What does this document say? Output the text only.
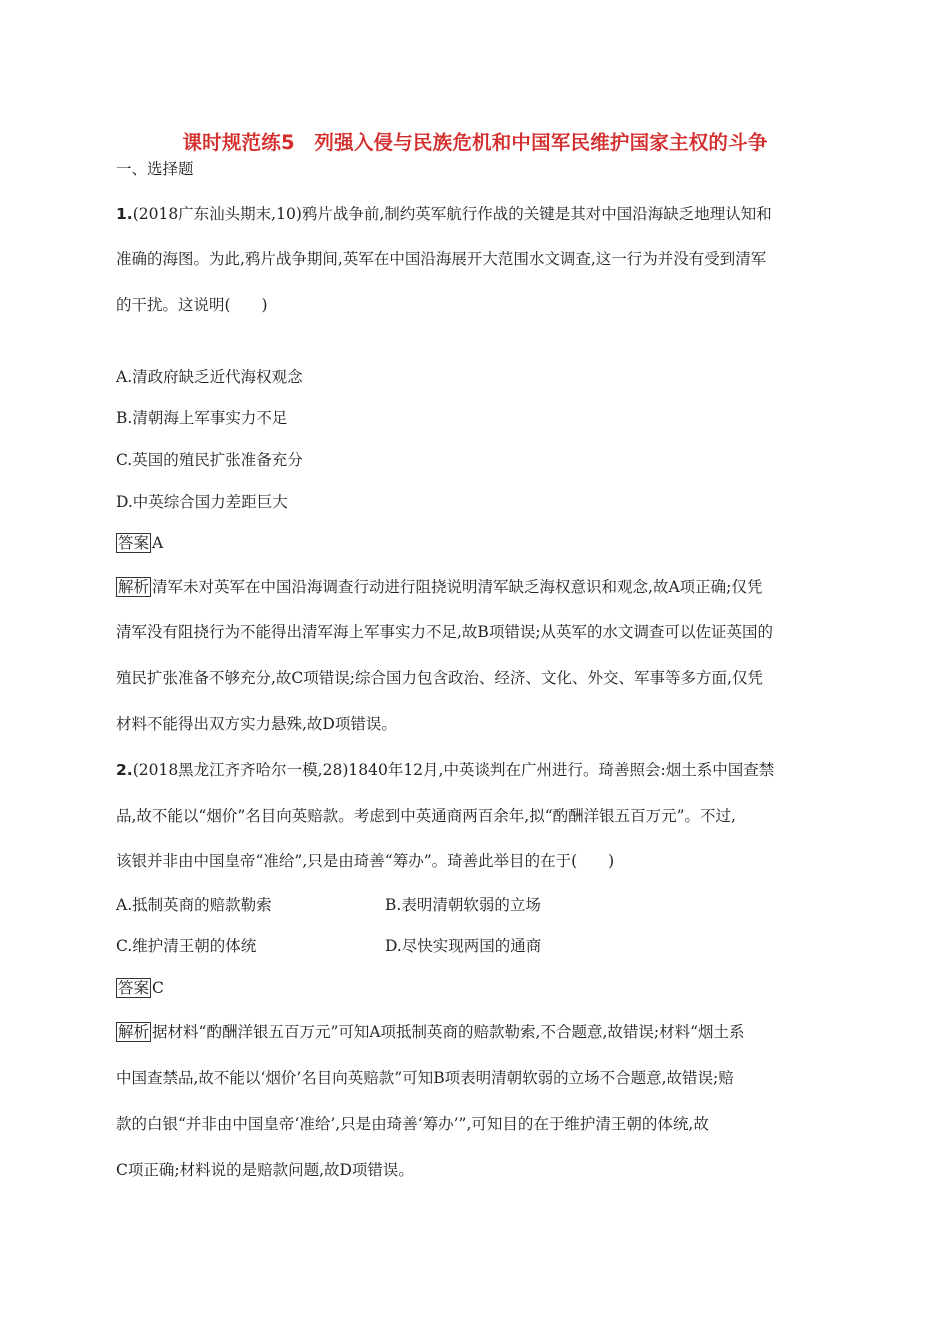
课时规范练5　列强入侵与民族危机和中国军民维护国家主权的斗争
一、选择题
1.(2018广东汕头期末,10)鸦片战争前,制约英军航行作战的关键是其对中国沿海缺乏地理认知和
准确的海图。为此,鸦片战争期间,英军在中国沿海展开大范围水文调查,这一行为并没有受到清军
的干扰。这说明(　　)
A.清政府缺乏近代海权观念
B.清朝海上军事实力不足
C.英国的殖民扩张准备充分
D.中英综合国力差距巨大
答案 A
解析 清军未对英军在中国沿海调查行动进行阻挠说明清军缺乏海权意识和观念,故A项正确;仅凭
清军没有阻挠行为不能得出清军海上军事实力不足,故B项错误;从英军的水文调查可以佐证英国的
殖民扩张准备不够充分,故C项错误;综合国力包含政治、经济、文化、外交、军事等多方面,仅凭
材料不能得出双方实力悬殊,故D项错误。
2.(2018黑龙江齐齐哈尔一模,28)1840年12月,中英谈判在广州进行。琦善照会:烟土系中国查禁
品,故不能以“烟价”名目向英赔款。考虑到中英通商两百余年,拟“酌酬洋银五百万元”。不过,
该银并非由中国皇帝“准给”,只是由琦善“筹办”。琦善此举目的在于(　　)
A.抵制英商的赔款勒索	B.表明清朝软弱的立场
C.维护清王朝的体统	D.尽快实现两国的通商
答案 C
解析 据材料“酌酬洋银五百万元”可知A项抵制英商的赔款勒索,不合题意,故错误;材料“烟土系
中国查禁品,故不能以‘烟价’名目向英赔款”可知B项表明清朝软弱的立场不合题意,故错误;赔
款的白银“并非由中国皇帝‘准给’,只是由琦善‘筹办’”,可知目的在于维护清王朝的体统,故
C项正确;材料说的是赔款问题,故D项错误。
